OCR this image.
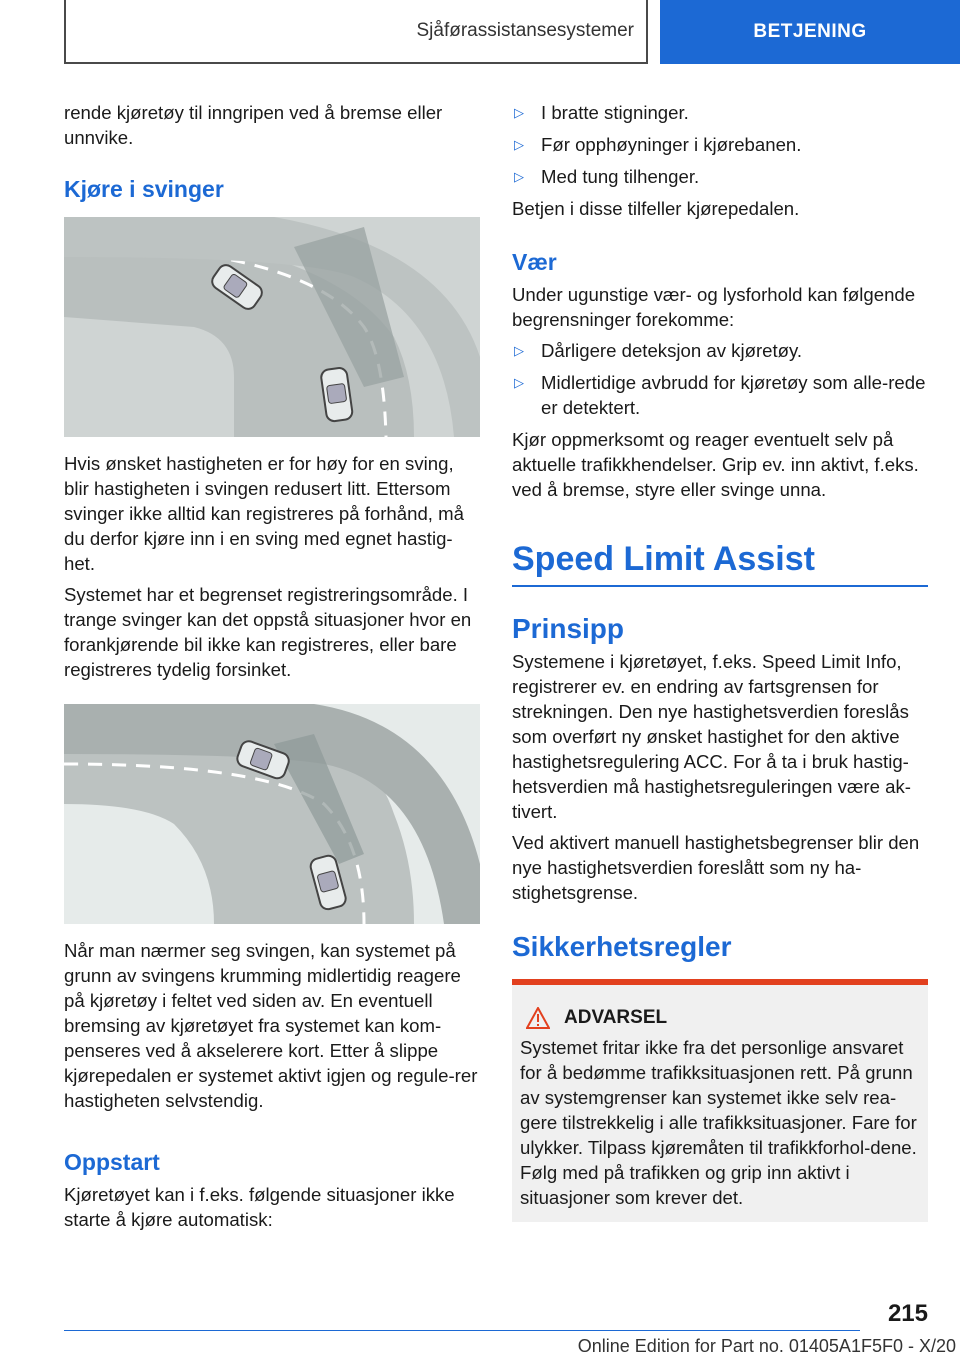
Sjåførassistansesystemer	BETJENING

rende kjøretøy til inngripen ved å bremse eller unnvike.

Kjøre i svinger

Hvis ønsket hastigheten er for høy for en sving, blir hastigheten i svingen redusert litt. Ettersom svinger ikke alltid kan registreres på forhånd, må du derfor kjøre inn i en sving med egnet hastig-het.

Systemet har et begrenset registreringsområde. I trange svinger kan det oppstå situasjoner hvor en forankjørende bil ikke kan registreres, eller bare registreres tydelig forsinket.

Når man nærmer seg svingen, kan systemet på grunn av svingens krumming midlertidig reagere på kjøretøy i feltet ved siden av. En eventuell bremsing av kjøretøyet fra systemet kan kom-penseres ved å akselerere kort. Etter å slippe kjørepedalen er systemet aktivt igjen og regule-rer hastigheten selvstendig.

Oppstart

Kjøretøyet kan i f.eks. følgende situasjoner ikke starte å kjøre automatisk:

▷ I bratte stigninger.
▷ Før opphøyninger i kjørebanen.
▷ Med tung tilhenger.

Betjen i disse tilfeller kjørepedalen.

Vær

Under ugunstige vær- og lysforhold kan følgende begrensninger forekomme:

▷ Dårligere deteksjon av kjøretøy.
▷ Midlertidige avbrudd for kjøretøy som alle-rede er detektert.

Kjør oppmerksomt og reager eventuelt selv på aktuelle trafikkhendelser. Grip ev. inn aktivt, f.eks. ved å bremse, styre eller svinge unna.

Speed Limit Assist
Prinsipp

Systemene i kjøretøyet, f.eks. Speed Limit Info, registrerer ev. en endring av fartsgrensen for strekningen. Den nye hastighetsverdien foreslås som overført ny ønsket hastighet for den aktive hastighetsregulering ACC. For å ta i bruk hastig-hetsverdien må hastighetsreguleringen være ak-tivert.

Ved aktivert manuell hastighetsbegrenser blir den nye hastighetsverdien foreslått som ny ha-stighetsgrense.

Sikkerhetsregler
ADVARSEL

Systemet fritar ikke fra det personlige ansvaret for å bedømme trafikksituasjonen rett. På grunn av systemgrenser kan systemet ikke selv rea-gere tilstrekkelig i alle trafikksituasjoner. Fare for ulykker. Tilpass kjøremåten til trafikkforhol-dene. Følg med på trafikken og grip inn aktivt i situasjoner som krever det.

215
Online Edition for Part no. 01405A1F5F0 - X/20
